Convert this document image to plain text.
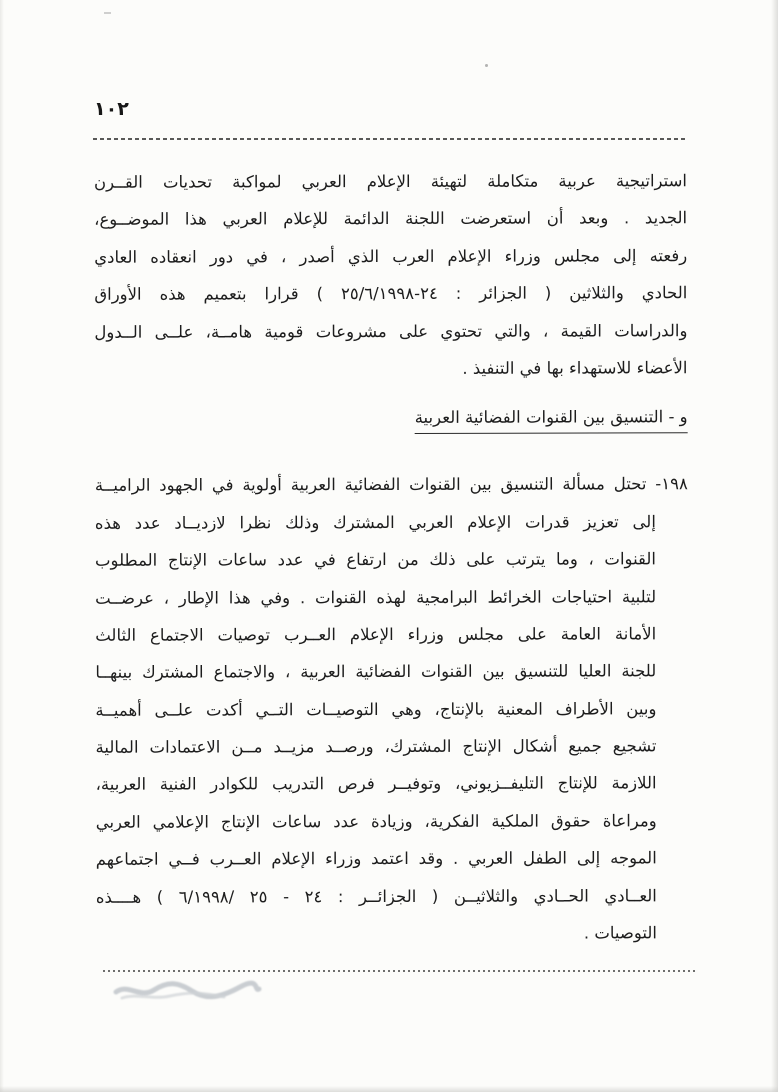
١٠٢
استراتيجية عربية متكاملة لتهيئة الإعلام العربي لمواكبة تحديات القــرن
الجديد . وبعد أن استعرضت اللجنة الدائمة للإعلام العربي هذا الموضــوع،
رفعته إلى مجلس وزراء الإعلام العرب الذي أصدر ، في دور انعقاده العادي
الحادي والثلاثين ( الجزائر : ٢٤-٢٥/٦/١٩٩٨ ) قرارا بتعميم هذه الأوراق
والدراسات القيمة ، والتي تحتوي على مشروعات قومية هامــة، علــى الــدول
الأعضاء للاستهداء بها في التنفيذ .
و - التنسيق بين القنوات الفضائية العربية
١٩٨- تحتل مسألة التنسيق بين القنوات الفضائية العربية أولوية في الجهود الراميــة
إلى تعزيز قدرات الإعلام العربي المشترك وذلك نظرا لازديــاد عدد هذه
القنوات ، وما يترتب على ذلك من ارتفاع في عدد ساعات الإنتاج المطلوب
لتلبية احتياجات الخرائط البرامجية لهذه القنوات . وفي هذا الإطار ، عرضــت
الأمانة العامة على مجلس وزراء الإعلام العــرب توصيات الاجتماع الثالث
للجنة العليا للتنسيق بين القنوات الفضائية العربية ، والاجتماع المشترك بينهــا
وبين الأطراف المعنية بالإنتاج، وهي التوصيــات التــي أكدت علــى أهميــة
تشجيع جميع أشكال الإنتاج المشترك، ورصــد مزيــد مــن الاعتمادات المالية
اللازمة للإنتاج التليفــزيوني، وتوفيــر فرص التدريب للكوادر الفنية العربية،
ومراعاة حقوق الملكية الفكرية، وزيادة عدد ساعات الإنتاج الإعلامي العربي
الموجه إلى الطفل العربي . وقد اعتمد وزراء الإعلام العــرب فــي اجتماعهم
العــادي الحــادي والثلاثيــن ( الجزائــر : ٢٤ - ٢٥ /٦/١٩٩٨ ) هــــذه
التوصيات .
